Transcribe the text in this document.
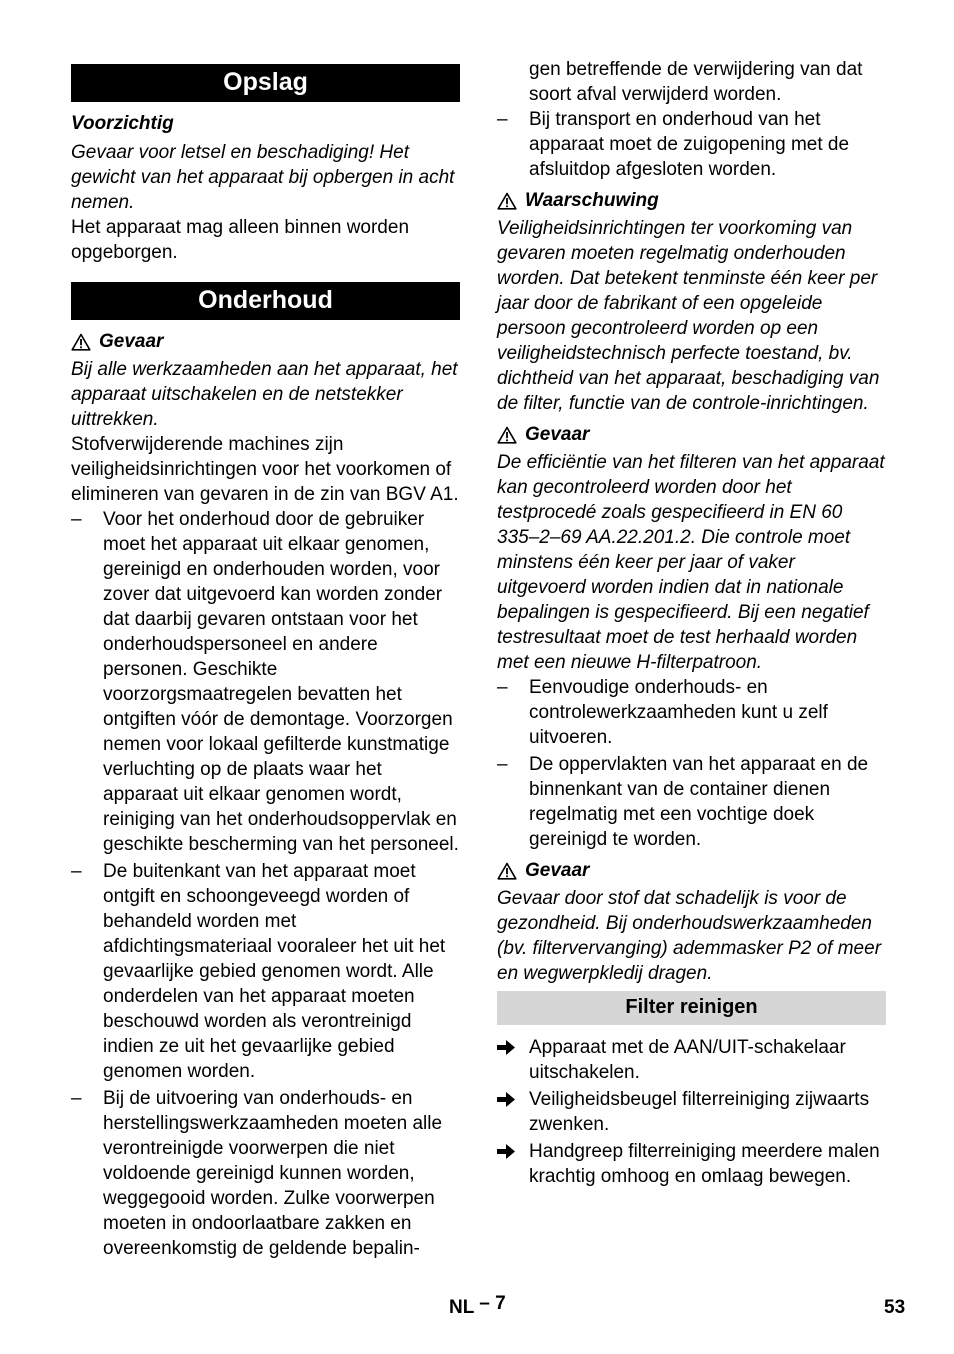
Opslag

Voorzichtig

Gevaar voor letsel en beschadiging! Het gewicht van het apparaat bij opbergen in acht nemen.

Het apparaat mag alleen binnen worden opgeborgen.

Onderhoud

Gevaar

Bij alle werkzaamheden aan het apparaat, het apparaat uitschakelen en de netstekker uittrekken.

Stofverwijderende machines zijn veiligheidsinrichtingen voor het voorkomen of elimineren van gevaren in de zin van BGV A1.

– Voor het onderhoud door de gebruiker moet het apparaat uit elkaar genomen, gereinigd en onderhouden worden, voor zover dat uitgevoerd kan worden zonder dat daarbij gevaren ontstaan voor het onderhoudspersoneel en andere personen. Geschikte voorzorgsmaatregelen bevatten het ontgiften vóór de demontage. Voorzorgen nemen voor lokaal gefilterde kunstmatige verluchting op de plaats waar het apparaat uit elkaar genomen wordt, reiniging van het onderhoudsoppervlak en geschikte bescherming van het personeel.
– De buitenkant van het apparaat moet ontgift en schoongeveegd worden of behandeld worden met afdichtingsmateriaal vooraleer het uit het gevaarlijke gebied genomen wordt. Alle onderdelen van het apparaat moeten beschouwd worden als verontreinigd indien ze uit het gevaarlijke gebied genomen worden.
– Bij de uitvoering van onderhouds- en herstellingswerkzaamheden moeten alle verontreinigde voorwerpen die niet voldoende gereinigd kunnen worden, weggegooid worden. Zulke voorwerpen moeten in ondoorlaatbare zakken en overeenkomstig de geldende bepalin-

gen betreffende de verwijdering van dat soort afval verwijderd worden.

– Bij transport en onderhoud van het apparaat moet de zuigopening met de afsluitdop afgesloten worden.

Waarschuwing

Veiligheidsinrichtingen ter voorkoming van gevaren moeten regelmatig onderhouden worden. Dat betekent tenminste één keer per jaar door de fabrikant of een opgeleide persoon gecontroleerd worden op een veiligheidstechnisch perfecte toestand, bv. dichtheid van het apparaat, beschadiging van de filter, functie van de controle-inrichtingen.

Gevaar

De efficiëntie van het filteren van het apparaat kan gecontroleerd worden door het testprocedé zoals gespecifieerd in EN 60 335–2–69 AA.22.201.2. Die controle moet minstens één keer per jaar of vaker uitgevoerd worden indien dat in nationale bepalingen is gespecifieerd. Bij een negatief testresultaat moet de test herhaald worden met een nieuwe H-filterpatroon.

– Eenvoudige onderhouds- en controlewerkzaamheden kunt u zelf uitvoeren.
– De oppervlakten van het apparaat en de binnenkant van de container dienen regelmatig met een vochtige doek gereinigd te worden.

Gevaar

Gevaar door stof dat schadelijk is voor de gezondheid. Bij onderhoudswerkzaamheden (bv. filtervervanging) ademmasker P2 of meer en wegwerpkledij dragen.

Filter reinigen
Apparaat met de AAN/UIT-schakelaar uitschakelen.
Veiligheidsbeugel filterreiniging zijwaarts zwenken.
Handgreep filterreiniging meerdere malen krachtig omhoog en omlaag bewegen.
NL – 7	53
